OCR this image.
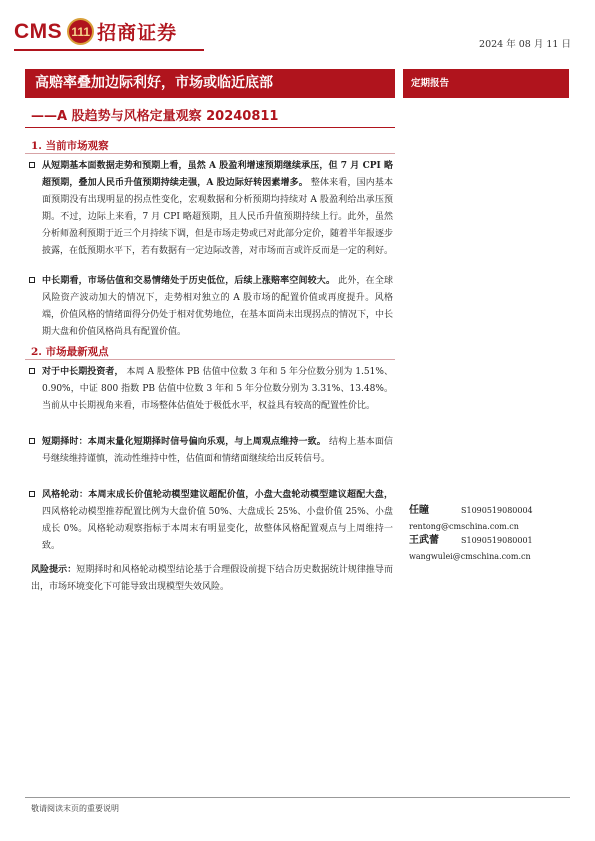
CMS 111 招商证券
2024 年 08 月 11 日
高赔率叠加边际利好，市场或临近底部	定期报告
——A 股趋势与风格定量观察 20240811
1. 当前市场观察
从短期基本面数据走势和预期上看，虽然 A 股盈利增速预期继续承压，但 7 月 CPI 略超预期，叠加人民币升值预期持续走强，A 股边际好转因素增多。 整体来看，国内基本面预期没有出现明显的拐点性变化，宏观数据和分析预期均持续对 A 股盈利给出承压预期。不过，边际上来看，7 月 CPI 略超预期，且人民币升值预期持续上行。此外，虽然分析师盈利预期于近三个月持续下调，但是市场走势或已对此部分定价，随着半年报逐步披露，在低预期水平下，若有数据有一定边际改善，对市场而言或许反而是一定的利好。
中长期看，市场估值和交易情绪处于历史低位，后续上涨赔率空间较大。 此外，在全球风险资产波动加大的情况下，走势相对独立的 A 股市场的配置价值或再度提升。风格端，价值风格的情绪面得分仍处于相对优势地位，在基本面尚未出现拐点的情况下，中长期大盘和价值风格尚具有配置价值。
2. 市场最新观点
对于中长期投资者， 本周 A 股整体 PB 估值中位数 3 年和 5 年分位数分别为 1.51%、0.90%，中证 800 指数 PB 估值中位数 3 年和 5 年分位数分别为 3.31%、13.48%。当前从中长期视角来看，市场整体估值处于极低水平，权益具有较高的配置性价比。
短期择时：本周末量化短期择时信号偏向乐观，与上周观点维持一致。 结构上基本面信号继续维持谨慎，流动性维持中性，估值面和情绪面继续给出反转信号。
风格轮动：本周末成长价值轮动模型建议超配价值，小盘大盘轮动模型建议超配大盘， 四风格轮动模型推荐配置比例为大盘价值 50%、大盘成长 25%、小盘价值 25%、小盘成长 0%。风格轮动观察指标于本周末有明显变化，故整体风格配置观点与上周维持一致。
风险提示：短期择时和风格轮动模型结论基于合理假设前提下结合历史数据统计规律推导而出，市场环境变化下可能导致出现模型失效风险。
任瞳	S1090519080004
rentong@cmschina.com.cn
王武蕾	S1090519080001
wangwulei@cmschina.com.cn
敬请阅读末页的重要说明
